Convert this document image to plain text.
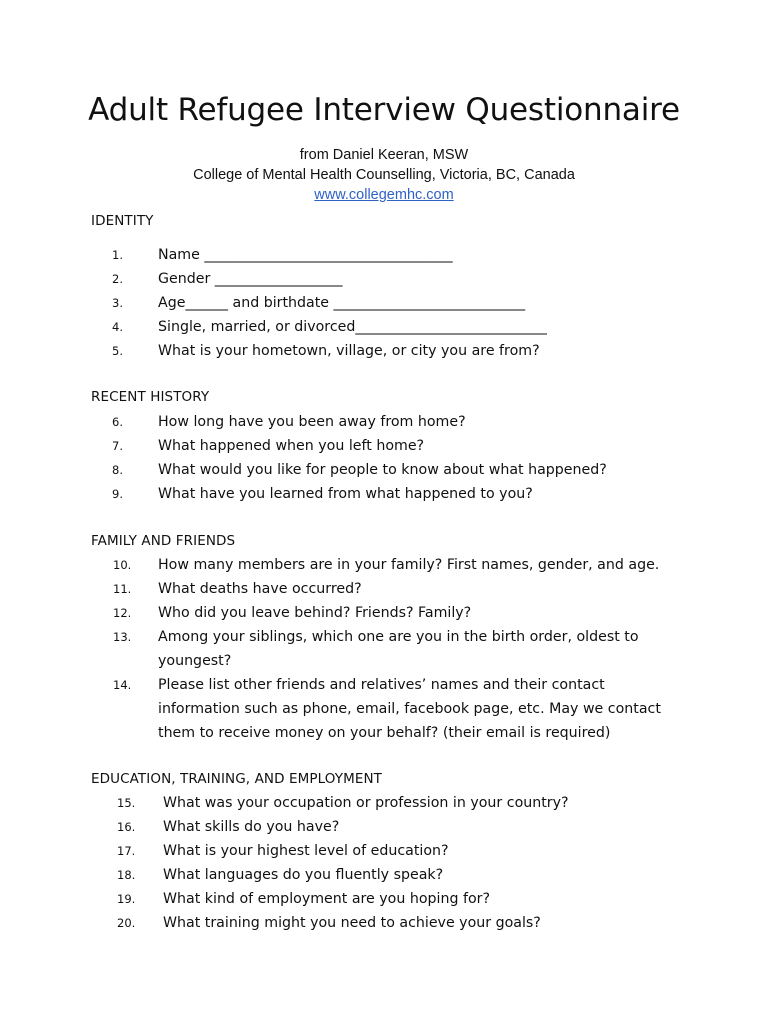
Adult Refugee Interview Questionnaire
from Daniel Keeran, MSW
College of Mental Health Counselling, Victoria, BC, Canada
www.collegemhc.com
IDENTITY
1.	Name ___________________________________
2.	Gender __________________
3.	Age______ and birthdate ___________________________
4.	Single, married, or divorced___________________________
5.	What is your hometown, village, or city you are from?
RECENT HISTORY
6.	How long have you been away from home?
7.	What happened when you left home?
8.	What would you like for people to know about what happened?
9.	What have you learned from what happened to you?
FAMILY AND FRIENDS
10.	How many members are in your family? First names, gender, and age.
11.	What deaths have occurred?
12.	Who did you leave behind? Friends? Family?
13.	Among your siblings, which one are you in the birth order, oldest to youngest?
14.	Please list other friends and relatives’ names and their contact information such as phone, email, facebook page, etc. May we contact them to receive money on your behalf? (their email is required)
EDUCATION, TRAINING, AND EMPLOYMENT
15.	What was your occupation or profession in your country?
16.	What skills do you have?
17.	What is your highest level of education?
18.	What languages do you fluently speak?
19.	What kind of employment are you hoping for?
20.	What training might you need to achieve your goals?
